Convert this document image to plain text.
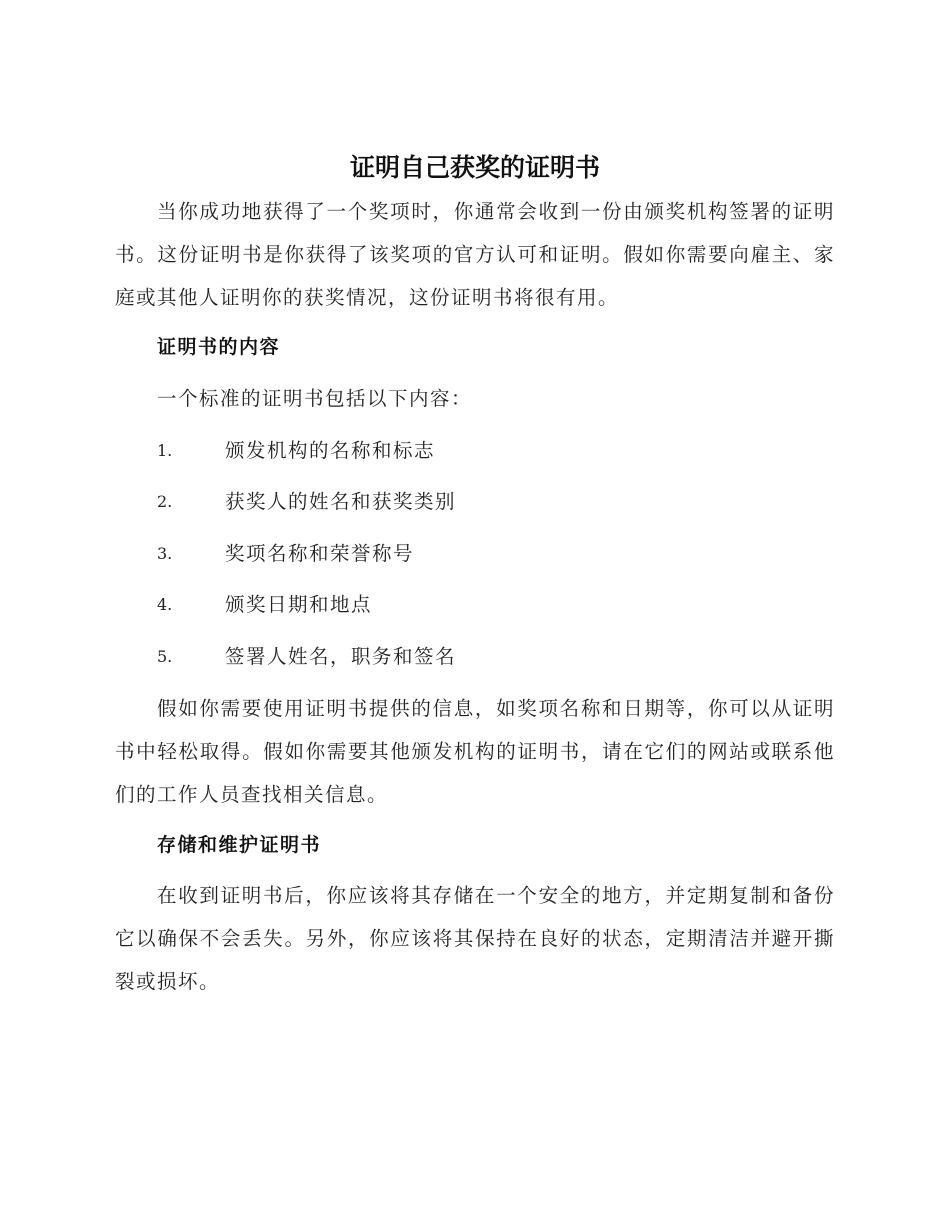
证明自己获奖的证明书

当你成功地获得了一个奖项时，你通常会收到一份由颁奖机构签署的证明书。这份证明书是你获得了该奖项的官方认可和证明。假如你需要向雇主、家庭或其他人证明你的获奖情况，这份证明书将很有用。

证明书的内容

一个标准的证明书包括以下内容：

1.	颁发机构的名称和标志
2.	获奖人的姓名和获奖类别
3.	奖项名称和荣誉称号
4.	颁奖日期和地点
5.	签署人姓名，职务和签名

假如你需要使用证明书提供的信息，如奖项名称和日期等，你可以从证明书中轻松取得。假如你需要其他颁发机构的证明书，请在它们的网站或联系他们的工作人员查找相关信息。

存储和维护证明书

在收到证明书后，你应该将其存储在一个安全的地方，并定期复制和备份它以确保不会丢失。另外，你应该将其保持在良好的状态，定期清洁并避开撕裂或损坏。
